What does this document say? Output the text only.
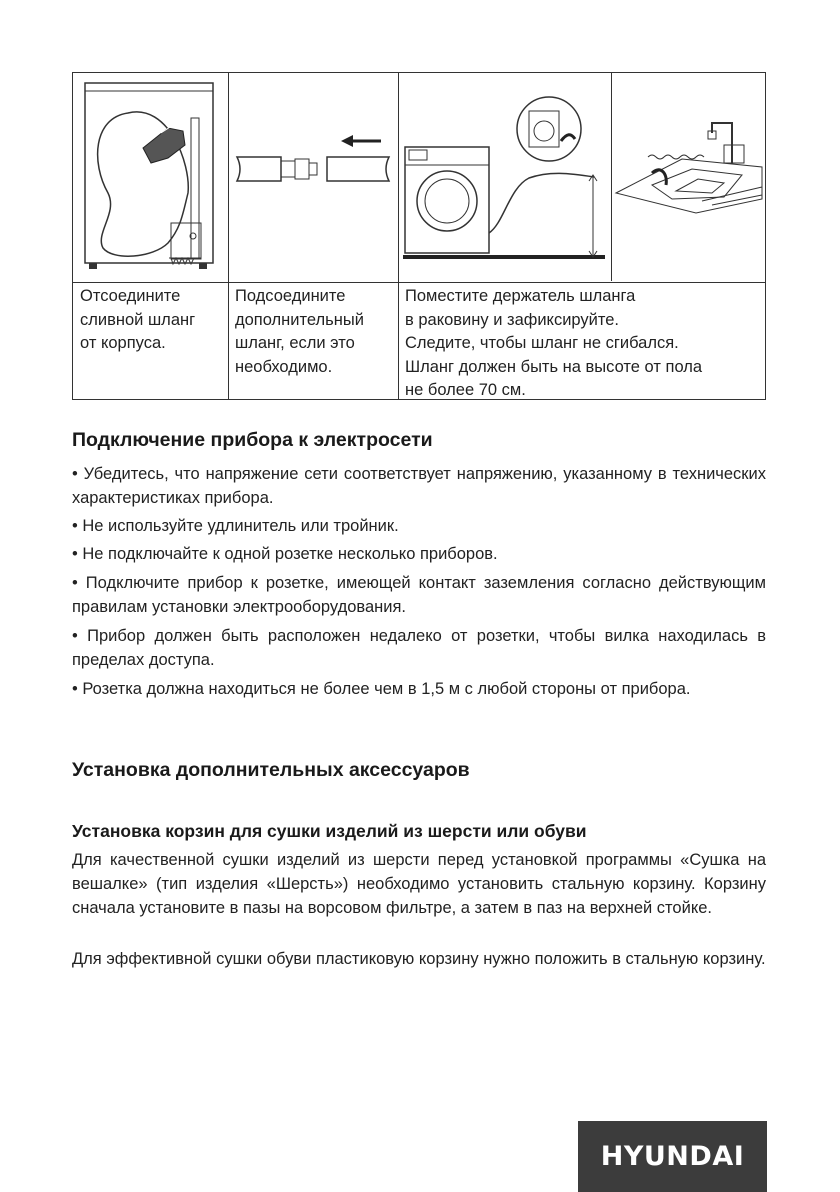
Отсоедините
сливной шланг
от корпуса.
Подсоедините
дополнительный
шланг, если это
необходимо.
Поместите держатель шланга
в раковину и зафиксируйте.
Следите, чтобы шланг не сгибался.
Шланг должен быть на высоте от пола
не более 70 см.
Подключение прибора к электросети

• Убедитесь, что напряжение сети соответствует напряжению, указанному в технических характеристиках прибора.

• Не используйте удлинитель или тройник.

• Не подключайте к одной розетке несколько приборов.

• Подключите прибор к розетке, имеющей контакт заземления согласно действующим правилам установки электрооборудования.

• Прибор должен быть расположен недалеко от розетки, чтобы вилка находилась в пределах доступа.

• Розетка должна находиться не более чем в 1,5 м с любой стороны от прибора.

Установка дополнительных аксессуаров
Установка корзин для сушки изделий из шерсти или обуви

Для качественной сушки изделий из шерсти перед установкой программы «Сушка на вешалке» (тип изделия «Шерсть») необходимо установить стальную корзину. Корзину сначала установите в пазы на ворсовом фильтре, а затем в паз на верхней стойке.

Для эффективной сушки обуви пластиковую корзину нужно положить в стальную корзину.

HYUNDAI
